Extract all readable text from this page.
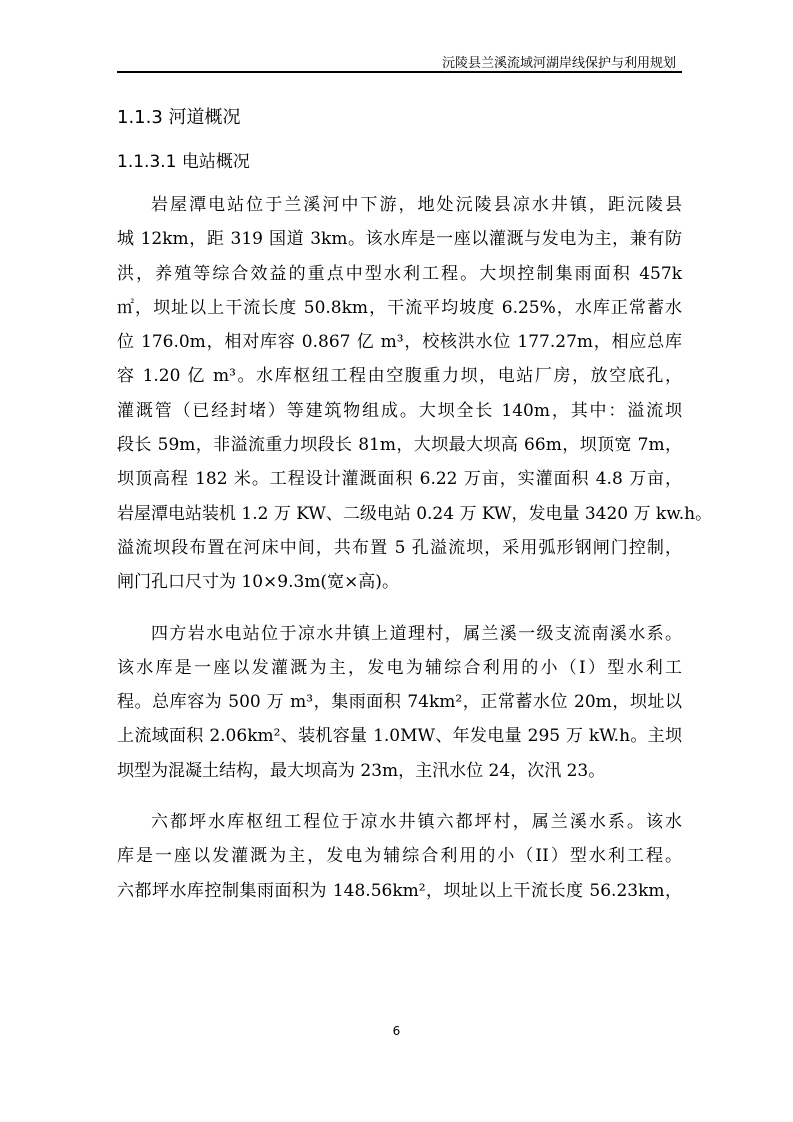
沅陵县兰溪流域河湖岸线保护与利用规划
1.1.3 河道概况
1.1.3.1 电站概况
岩屋潭电站位于兰溪河中下游，地处沅陵县凉水井镇，距沅陵县
城 12km，距 319 国道 3km。该水库是一座以灌溉与发电为主，兼有防
洪，养殖等综合效益的重点中型水利工程。大坝控制集雨面积 457k
㎡，坝址以上干流长度 50.8km，干流平均坡度 6.25%，水库正常蓄水
位 176.0m，相对库容 0.867 亿 m³，校核洪水位 177.27m，相应总库
容 1.20 亿 m³。水库枢纽工程由空腹重力坝，电站厂房，放空底孔，
灌溉管（已经封堵）等建筑物组成。大坝全长 140m，其中：溢流坝
段长 59m，非溢流重力坝段长 81m，大坝最大坝高 66m，坝顶宽 7m，
坝顶高程 182 米。工程设计灌溉面积 6.22 万亩，实灌面积 4.8 万亩，
岩屋潭电站装机 1.2 万 KW、二级电站 0.24 万 KW，发电量 3420 万 kw.h。
溢流坝段布置在河床中间，共布置 5 孔溢流坝，采用弧形钢闸门控制，
闸门孔口尺寸为 10×9.3m(宽×高)。
四方岩水电站位于凉水井镇上道理村，属兰溪一级支流南溪水系。
该水库是一座以发灌溉为主，发电为辅综合利用的小（I）型水利工
程。总库容为 500 万 m³，集雨面积 74km²，正常蓄水位 20m，坝址以
上流域面积 2.06km²、装机容量 1.0MW、年发电量 295 万 kW.h。主坝
坝型为混凝土结构，最大坝高为 23m，主汛水位 24，次汛 23。
六都坪水库枢纽工程位于凉水井镇六都坪村，属兰溪水系。该水
库是一座以发灌溉为主，发电为辅综合利用的小（II）型水利工程。
六都坪水库控制集雨面积为 148.56km²，坝址以上干流长度 56.23km，
6
